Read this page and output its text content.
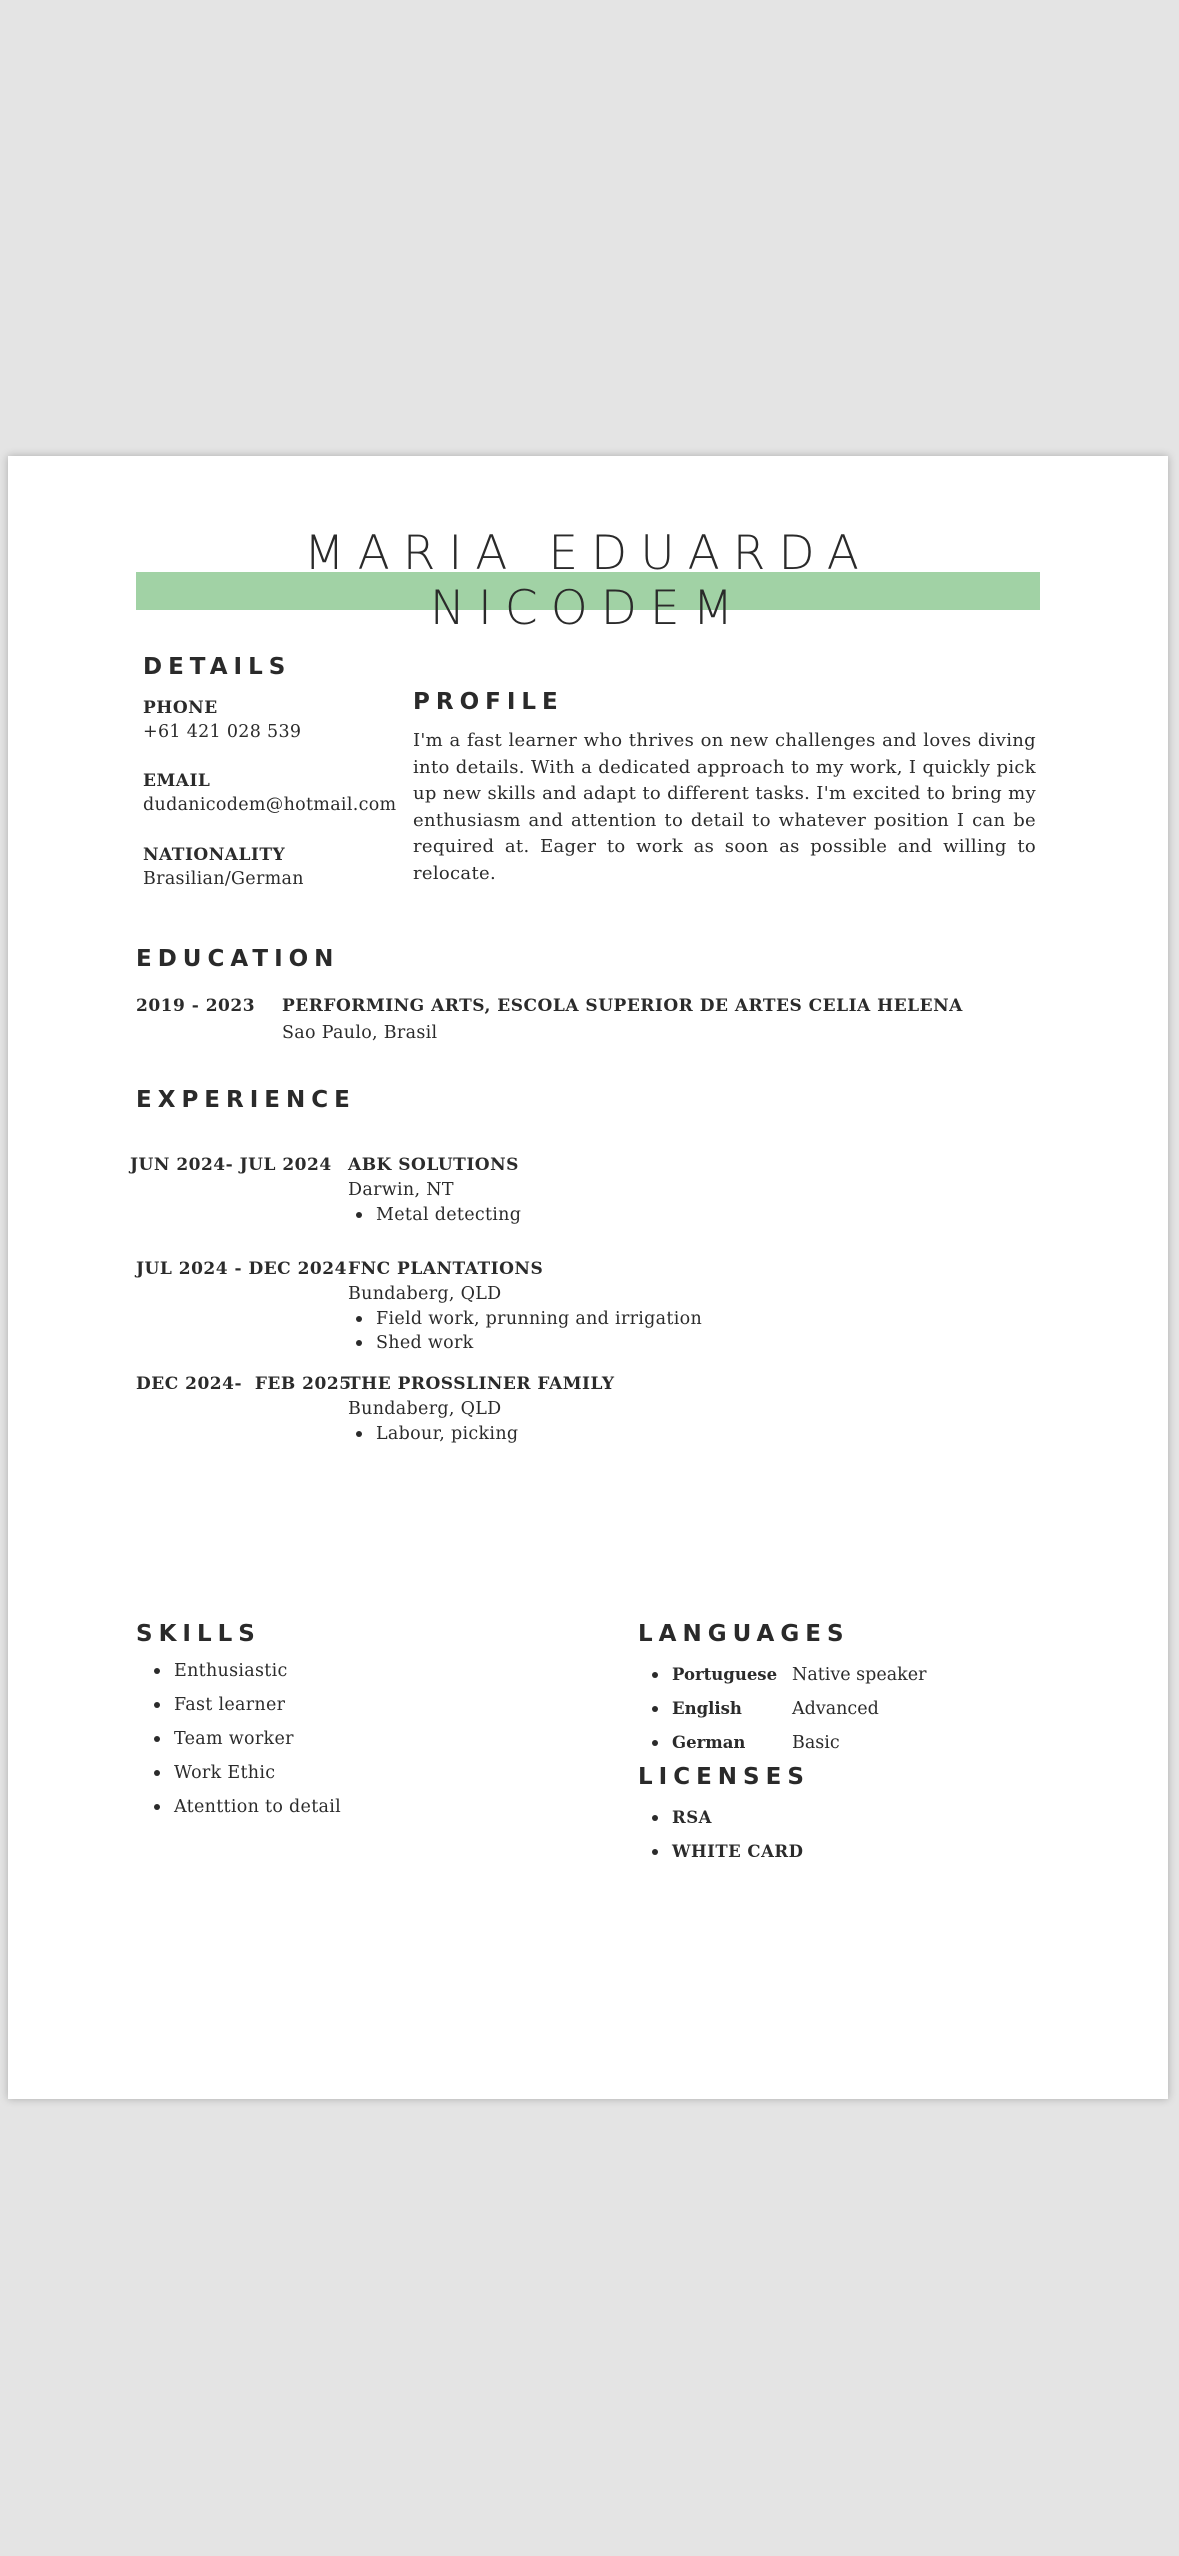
MARIA EDUARDA NICODEM
DETAILS
PHONE
+61 421 028 539
EMAIL
dudanicodem@hotmail.com
NATIONALITY
Brasilian/German
PROFILE
I'm a fast learner who thrives on new challenges and loves diving into details. With a dedicated approach to my work, I quickly pick up new skills and adapt to different tasks. I'm excited to bring my enthusiasm and attention to detail to whatever position I can be required at. Eager to work as soon as possible and willing to relocate.
EDUCATION
2019 - 2023 PERFORMING ARTS, ESCOLA SUPERIOR DE ARTES CELIA HELENA
Sao Paulo, Brasil
EXPERIENCE
JUN 2024- JUL 2024 ABK SOLUTIONS
Darwin, NT
Metal detecting
JUL 2024 - DEC 2024 FNC PLANTATIONS
Bundaberg, QLD
Field work, prunning and irrigation
Shed work
DEC 2024-  FEB 2025
THE PROSSLINER FAMILY
Bundaberg, QLD
Labour, picking
SKILLS
Enthusiastic
Fast learner
Team worker
Work Ethic
Atenttion to detail
LANGUAGES
Portuguese Native speaker
English	Advanced
German	Basic
LICENSES
RSA
WHITE CARD
